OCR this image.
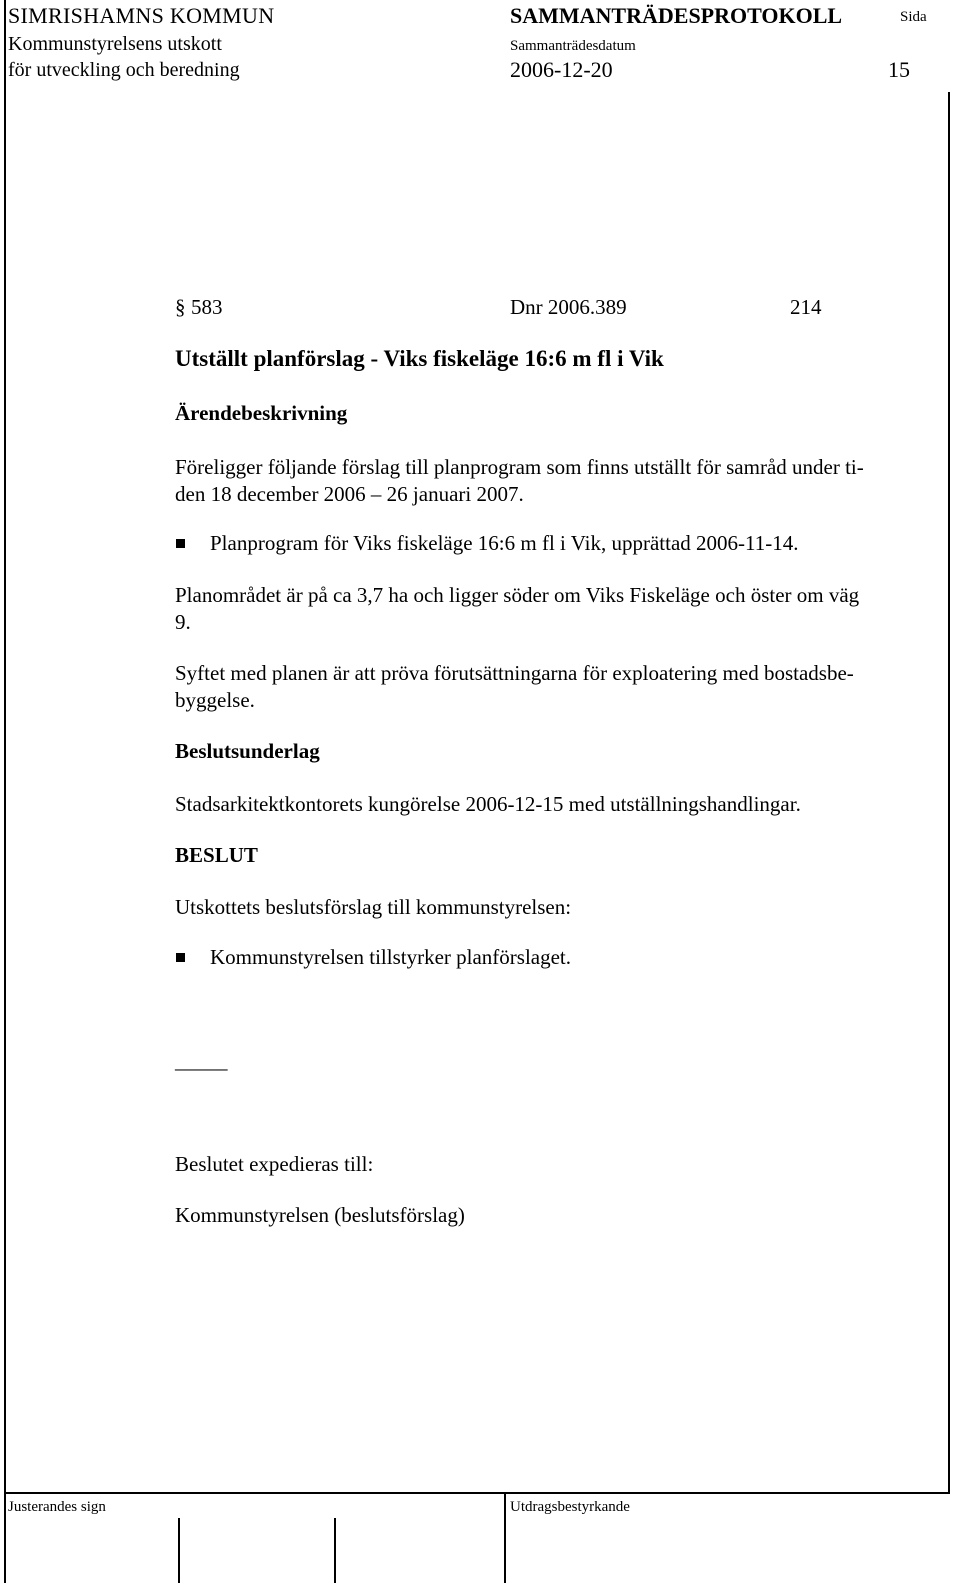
SIMRISHAMNS KOMMUN	SAMMANTRÄDESPROTOKOLL	Sida
Kommunstyrelsens utskott	Sammanträdesdatum
för utveckling och beredning	2006-12-20	15
§ 583	Dnr 2006.389	214
Utställt planförslag - Viks fiskeläge 16:6 m fl i Vik
Ärendebeskrivning
Föreligger följande förslag till planprogram som finns utställt för samråd under ti-
den 18 december 2006 – 26 januari 2007.
Planprogram för Viks fiskeläge 16:6 m fl i Vik, upprättad 2006-11-14.
Planområdet är på ca 3,7 ha och ligger söder om Viks Fiskeläge och öster om väg
9.
Syftet med planen är att pröva förutsättningarna för exploatering med bostadsbe-
byggelse.
Beslutsunderlag
Stadsarkitektkontorets kungörelse 2006-12-15 med utställningshandlingar.
BESLUT
Utskottets beslutsförslag till kommunstyrelsen:
Kommunstyrelsen tillstyrker planförslaget.
_____
Beslutet expedieras till:
Kommunstyrelsen (beslutsförslag)
Justerandes sign	Utdragsbestyrkande
